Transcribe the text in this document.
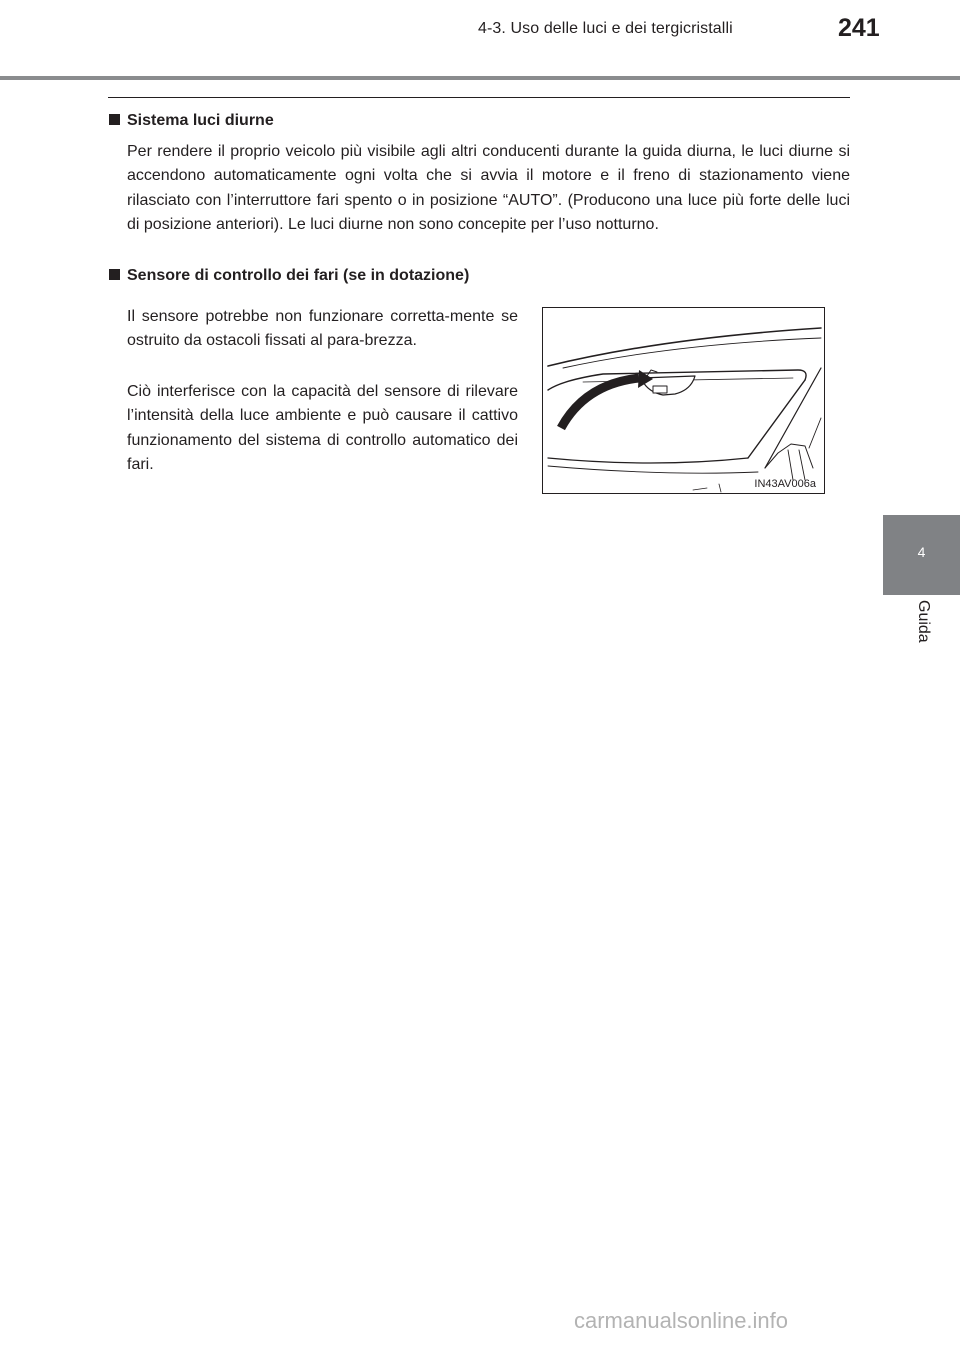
4-3. Uso delle luci e dei tergicristalli	241
4
Guida
Sistema luci diurne
Per rendere il proprio veicolo più visibile agli altri conducenti durante la guida diurna, le luci diurne si accendono automaticamente ogni volta che si avvia il motore e il freno di stazionamento viene rilasciato con l’interruttore fari spento o in posizione “AUTO”. (Producono una luce più forte delle luci di posizione anteriori). Le luci diurne non sono concepite per l’uso notturno.
Sensore di controllo dei fari (se in dotazione)
Il sensore potrebbe non funzionare corretta-mente se ostruito da ostacoli fissati al para-brezza.
Ciò interferisce con la capacità del sensore di rilevare l’intensità della luce ambiente e può causare il cattivo funzionamento del sistema di controllo automatico dei fari.
IN43AV006a
carmanualsonline.info
